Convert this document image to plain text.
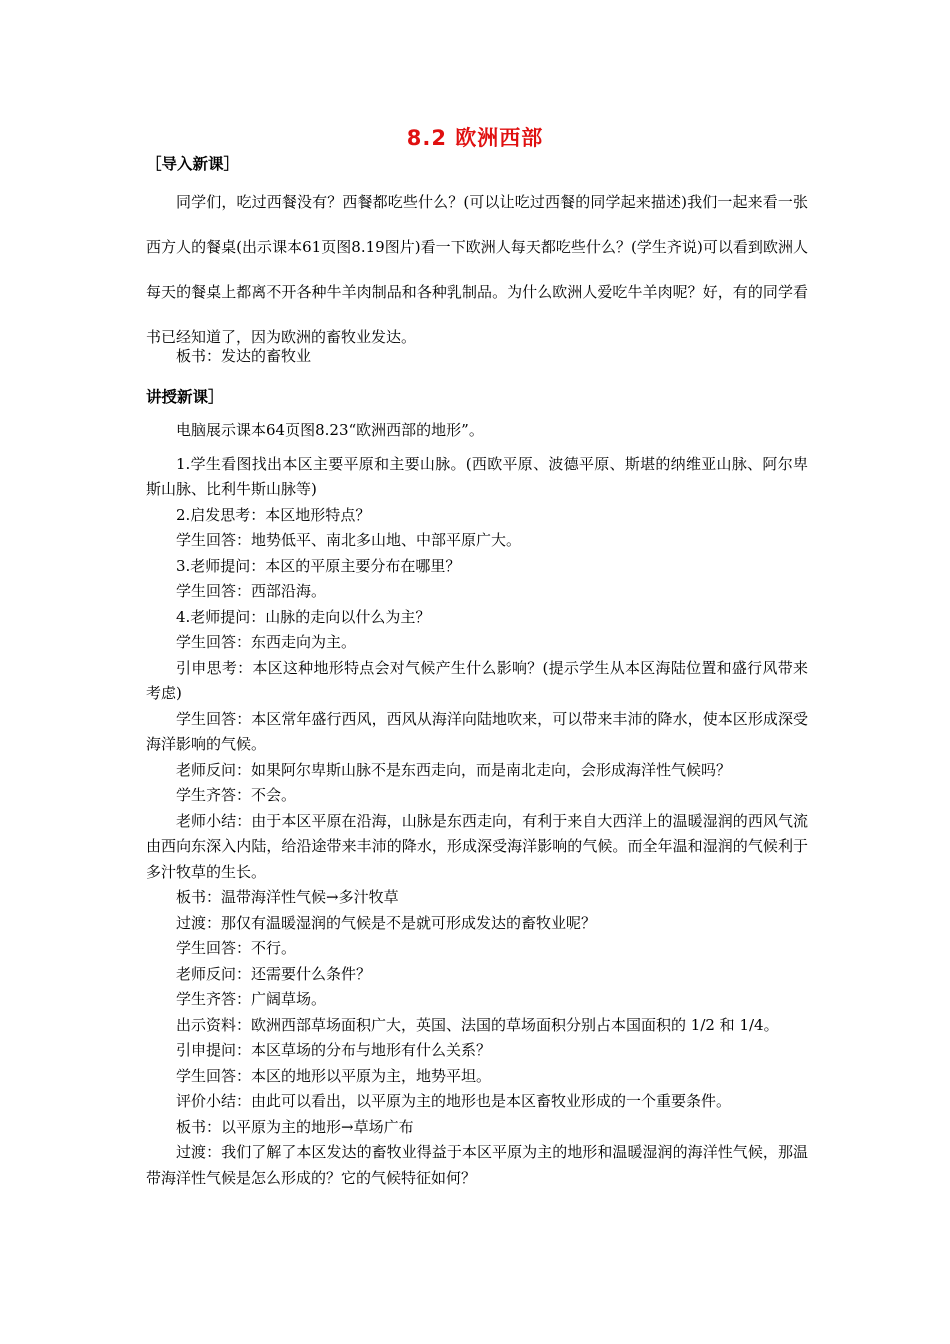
8.2 欧洲西部
［导入新课］

同学们，吃过西餐没有？西餐都吃些什么？(可以让吃过西餐的同学起来描述)我们一起来看一张西方人的餐桌(出示课本61页图8.19图片)看一下欧洲人每天都吃些什么？(学生齐说)可以看到欧洲人每天的餐桌上都离不开各种牛羊肉制品和各种乳制品。为什么欧洲人爱吃牛羊肉呢？好，有的同学看书已经知道了，因为欧洲的畜牧业发达。

板书：发达的畜牧业
讲授新课］

电脑展示课本64页图8.23“欧洲西部的地形”。

1.学生看图找出本区主要平原和主要山脉。(西欧平原、波德平原、斯堪的纳维亚山脉、阿尔卑斯山脉、比利牛斯山脉等)

2.启发思考：本区地形特点？

学生回答：地势低平、南北多山地、中部平原广大。

3.老师提问：本区的平原主要分布在哪里？

学生回答：西部沿海。

4.老师提问：山脉的走向以什么为主？

学生回答：东西走向为主。

引申思考：本区这种地形特点会对气候产生什么影响？(提示学生从本区海陆位置和盛行风带来考虑)

学生回答：本区常年盛行西风，西风从海洋向陆地吹来，可以带来丰沛的降水，使本区形成深受海洋影响的气候。

老师反问：如果阿尔卑斯山脉不是东西走向，而是南北走向，会形成海洋性气候吗？

学生齐答：不会。

老师小结：由于本区平原在沿海，山脉是东西走向，有利于来自大西洋上的温暖湿润的西风气流由西向东深入内陆，给沿途带来丰沛的降水，形成深受海洋影响的气候。而全年温和湿润的气候利于多汁牧草的生长。

板书：温带海洋性气候→多汁牧草

过渡：那仅有温暖湿润的气候是不是就可形成发达的畜牧业呢？

学生回答：不行。

老师反问：还需要什么条件？

学生齐答：广阔草场。

出示资料：欧洲西部草场面积广大，英国、法国的草场面积分别占本国面积的 1/2 和 1/4。

引申提问：本区草场的分布与地形有什么关系？

学生回答：本区的地形以平原为主，地势平坦。

评价小结：由此可以看出，以平原为主的地形也是本区畜牧业形成的一个重要条件。

板书：以平原为主的地形→草场广布

过渡：我们了解了本区发达的畜牧业得益于本区平原为主的地形和温暖湿润的海洋性气候，那温带海洋性气候是怎么形成的？它的气候特征如何？
